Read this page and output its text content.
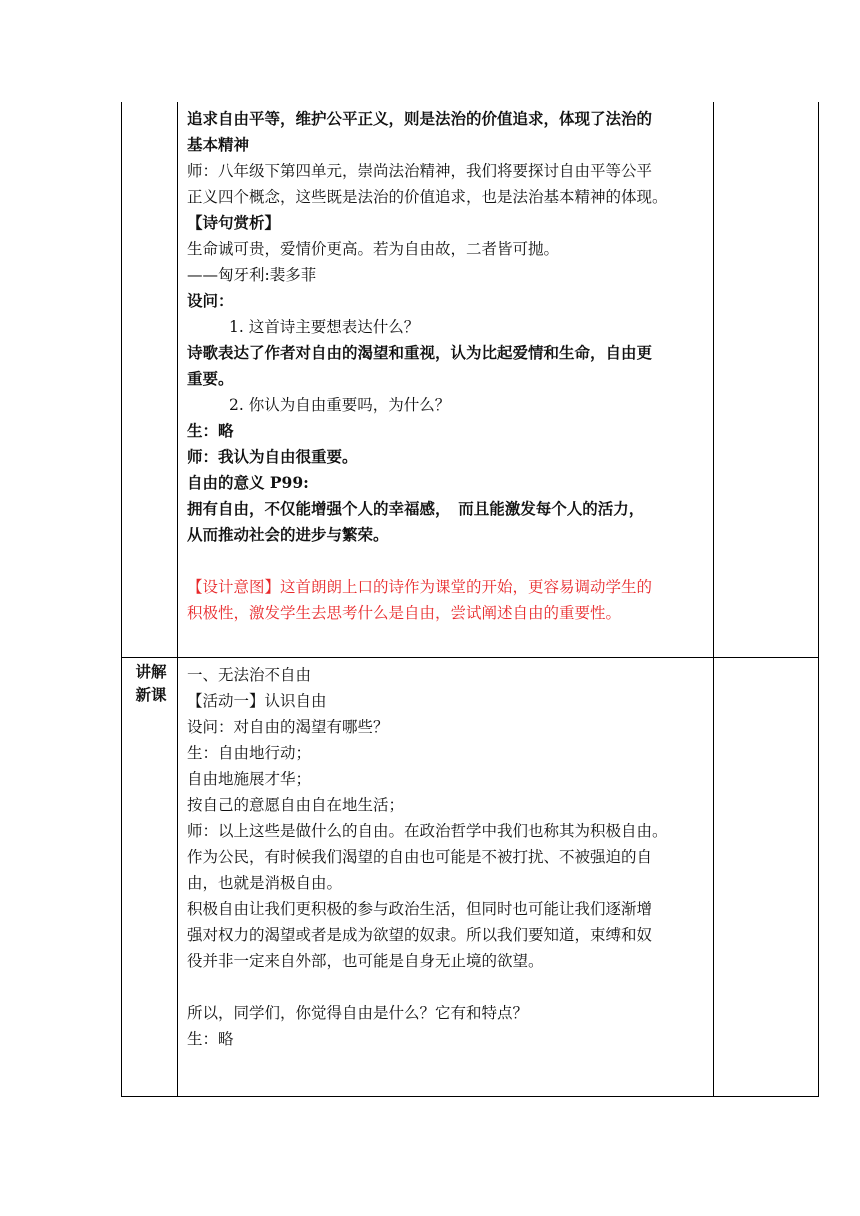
追求自由平等，维护公平正义，则是法治的价值追求，体现了法治的
基本精神
师：八年级下第四单元，崇尚法治精神，我们将要探讨自由平等公平
正义四个概念，这些既是法治的价值追求，也是法治基本精神的体现。
【诗句赏析】
生命诚可贵，爱情价更高。若为自由故，二者皆可抛。
——匈牙利:裴多菲
设问：
1. 这首诗主要想表达什么？
诗歌表达了作者对自由的渴望和重视，认为比起爱情和生命，自由更
重要。
2. 你认为自由重要吗，为什么？
生：略
师：我认为自由很重要。
自由的意义 P99:
拥有自由，不仅能增强个人的幸福感，　而且能激发每个人的活力，
从而推动社会的进步与繁荣。
【设计意图】这首朗朗上口的诗作为课堂的开始，更容易调动学生的
积极性，激发学生去思考什么是自由，尝试阐述自由的重要性。
讲解
新课
一、无法治不自由
【活动一】认识自由
设问：对自由的渴望有哪些？
生：自由地行动；
自由地施展才华；
按自己的意愿自由自在地生活；
师：以上这些是做什么的自由。在政治哲学中我们也称其为积极自由。
作为公民，有时候我们渴望的自由也可能是不被打扰、不被强迫的自
由，也就是消极自由。
积极自由让我们更积极的参与政治生活，但同时也可能让我们逐渐增
强对权力的渴望或者是成为欲望的奴隶。所以我们要知道，束缚和奴
役并非一定来自外部，也可能是自身无止境的欲望。
所以，同学们，你觉得自由是什么？它有和特点？
生：略
